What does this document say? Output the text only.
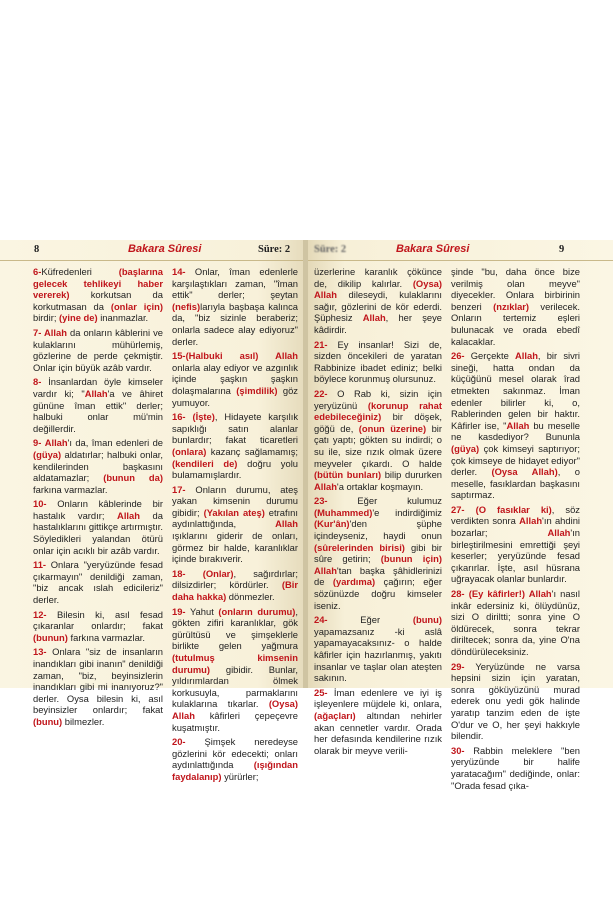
8	Bakara Sûresi	Süre: 2

6-Küfredenleri (başlarına gelecek tehlikeyi haber vererek) korkutsan da korkutmasan da (onlar için) birdir; (yine de) inanmazlar.

7- Allah da onların kâblerini ve kulaklarını mühürlemiş, gözlerine de perde çekmiştir. Onlar için büyük azâb vardır.

8- İnsanlardan öyle kimseler vardır ki; "Allah'a ve âhiret gününe îman ettik" derler; halbuki onlar mü'min değillerdir.

9- Allah'ı da, îman edenleri de (güya) aldatırlar; halbuki onlar, kendilerinden başkasını aldatamazlar; (bunun da) farkına varmazlar.

10- Onların kâblerinde bir hastalık vardır; Allah da hastalıklarını gittikçe artırmıştır. Söyledikleri yalandan ötürü onlar için acıklı bir azâb vardır.

11- Onlara "yeryüzünde fesad çıkarmayın" denildiği zaman, "biz ancak ıslah edicileriz" derler.

12- Bilesin ki, asıl fesad çıkaranlar onlardır; fakat (bunun) farkına varmazlar.

13- Onlara "siz de insanların inandıkları gibi inanın" denildiği zaman, "biz, beyinsizlerin inandıkları gibi mi inanıyoruz?" derler. Oysa bilesin ki, asıl beyinsizler onlardır; fakat (bunu) bilmezler.

14- Onlar, îman edenlerle karşılaştıkları zaman, "îman ettik" derler; şeytan (nefis)larıyla başbaşa kalınca da, "biz sizinle beraberiz; onlarla sadece alay ediyoruz" derler.

15-(Halbuki asıl) Allah onlarla alay ediyor ve azgınlık içinde şaşkın şaşkın dolaşmalarına (şimdilik) göz yumuyor.

16- (İşte), Hidayete karşılık sapıklığı satın alanlar bunlardır; fakat ticaretleri (onlara) kazanç sağlamamış; (kendileri de) doğru yolu bulamamışlardır.

17- Onların durumu, ateş yakan kimsenin durumu gibidir; (Yakılan ateş) etrafını aydınlattığında, Allah ışıklarını giderir de onları, görmez bir halde, karanlıklar içinde bırakıverir.

18- (Onlar), sağırdırlar; dilsizdirler; kördürler. (Bir daha hakka) dönmezler.

19- Yahut (onların durumu), gökten zifiri karanlıklar, gök gürültüsü ve şimşeklerle birlikte gelen yağmura (tutulmuş kimsenin durumu) gibidir. Bunlar, yıldırımlardan ölmek korkusuyla, parmaklarını kulaklarına tıkarlar. (Oysa) Allah kâfirleri çepeçevre kuşatmıştır.

20- Şimşek neredeyse gözlerini kör edecekti; onları aydınlattığında (ışığından faydalanıp) yürürler;

Süre: 2	Bakara Sûresi	9

üzerlerine karanlık çökünce de, dikilip kalırlar. (Oysa) Allah dileseydi, kulaklarını sağır, gözlerini de kör ederdi. Şüphesiz Allah, her şeye kâdirdir.

21- Ey insanlar! Sizi de, sizden öncekileri de yaratan Rabbinize ibadet ediniz; belki böylece korunmuş olursunuz.

22- O Rab ki, sizin için yeryüzünü (korunup rahat edebileceğiniz) bir döşek, göğü de, (onun üzerine) bir çatı yaptı; gökten su indirdi; o su ile, size rızık olmak üzere meyveler çıkardı. O halde (bütün bunları) bilip dururken Allah'a ortaklar koşmayın.

23- Eğer kulumuz (Muhammed)'e indirdiğimiz (Kur'ân)'den şüphe içindeyseniz, haydi onun (sûrelerinden birisi) gibi bir sûre getirin; (bunun için) Allah'tan başka şâhidlerinizi de (yardıma) çağırın; eğer sözünüzde doğru kimseler iseniz.

24- Eğer (bunu) yapamazsanız -ki aslâ yapamayacaksınız- o halde kâfirler için hazırlanmış, yakıtı insanlar ve taşlar olan ateşten sakının.

25- İman edenlere ve iyi iş işleyenlere müjdele ki, onlara, (ağaçları) altından nehirler akan cennetler vardır. Orada her defasında kendilerine rızık olarak bir meyve verili-

şinde "bu, daha önce bize verilmiş olan meyve" diyecekler. Onlara birbirinin benzeri (nzıklar) verilecek. Onların tertemiz eşleri bulunacak ve orada ebedî kalacaklar.

26- Gerçekte Allah, bir sivri sineği, hatta ondan da küçüğünü mesel olarak îrad etmekten sakınmaz. İman edenler bilirler ki, o, Rablerinden gelen bir haktır. Kâfirler ise, "Allah bu meselle ne kasdediyor? Bununla (güya) çok kimseyi saptırıyor; çok kimseye de hidayet ediyor" derler. (Oysa Allah), o meselle, fasıklardan başkasını saptırmaz.

27- (O fasıklar ki), söz verdikten sonra Allah'ın ahdini bozarlar; Allah'ın birleştirilmesini emrettiği şeyi keserler; yeryüzünde fesad çıkarırlar. İşte, asıl hüsrana uğrayacak olanlar bunlardır.

28- (Ey kâfirler!) Allah'ı nasıl inkâr edersiniz ki, ölüydünüz, sizi O diriltti; sonra yine O öldürecek, sonra tekrar diriltecek; sonra da, yine O'na döndürüleceksiniz.

29- Yeryüzünde ne varsa hepsini sizin için yaratan, sonra göküyüzünü murad ederek onu yedi gök halinde yaratıp tanzim eden de işte O'dur ve O, her şeyi hakkıyle bilendir.

30- Rabbin meleklere "ben yeryüzünde bir halife yaratacağım" dediğinde, onlar: "Orada fesad çıka-
